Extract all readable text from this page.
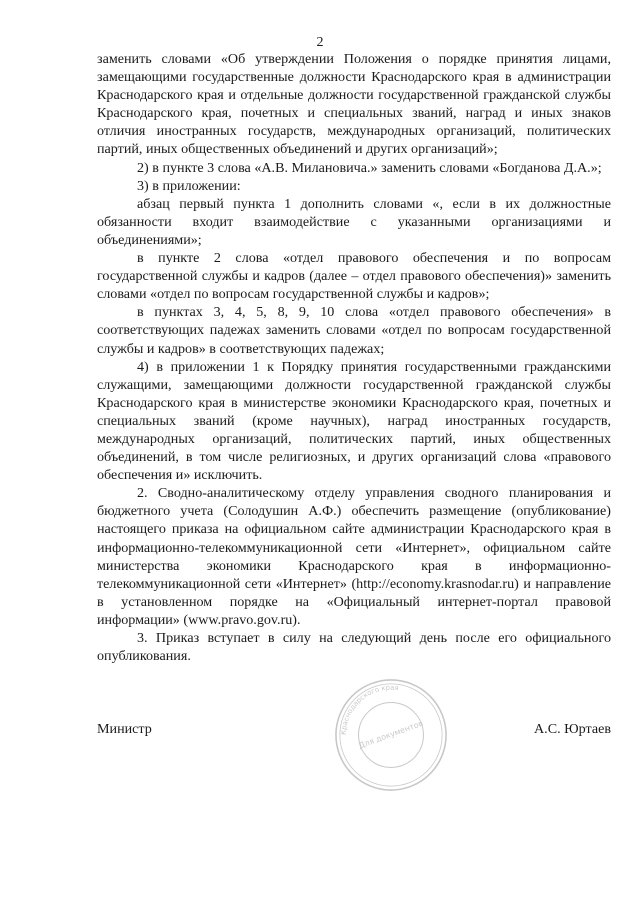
2

заменить словами «Об утверждении Положения о порядке принятия лицами, замещающими государственные должности Краснодарского края в администрации Краснодарского края и отдельные должности государственной гражданской службы Краснодарского края, почетных и специальных званий, наград и иных знаков отличия иностранных государств, международных организаций, политических партий, иных общественных объединений и других организаций»;

2) в пункте 3 слова «А.В. Милановича.» заменить словами «Богданова Д.А.»;

3) в приложении:

абзац первый пункта 1 дополнить словами «, если в их должностные обязанности входит взаимодействие с указанными организациями и объединениями»;

в пункте 2 слова «отдел правового обеспечения и по вопросам государственной службы и кадров (далее – отдел правового обеспечения)» заменить словами «отдел по вопросам государственной службы и кадров»;

в пунктах 3, 4, 5, 8, 9, 10 слова «отдел правового обеспечения» в соответствующих падежах заменить словами «отдел по вопросам государственной службы и кадров» в соответствующих падежах;

4) в приложении 1 к Порядку принятия государственными гражданскими служащими, замещающими должности государственной гражданской службы Краснодарского края в министерстве экономики Краснодарского края, почетных и специальных званий (кроме научных), наград иностранных государств, международных организаций, политических партий, иных общественных объединений, в том числе религиозных, и других организаций слова «правового обеспечения и» исключить.

2. Сводно-аналитическому отделу управления сводного планирования и бюджетного учета (Солодушин А.Ф.) обеспечить размещение (опубликование) настоящего приказа на официальном сайте администрации Краснодарского края в информационно-телекоммуникационной сети «Интернет», официальном сайте министерства экономики Краснодарского края в информационно-телекоммуникационной сети «Интернет» (http://economy.krasnodar.ru) и направление в установленном порядке на «Официальный интернет-портал правовой информации» (www.pravo.gov.ru).

3. Приказ вступает в силу на следующий день после его официального опубликования.

Министр	А.С. Юртаев
Краснодарского края
Для документов
